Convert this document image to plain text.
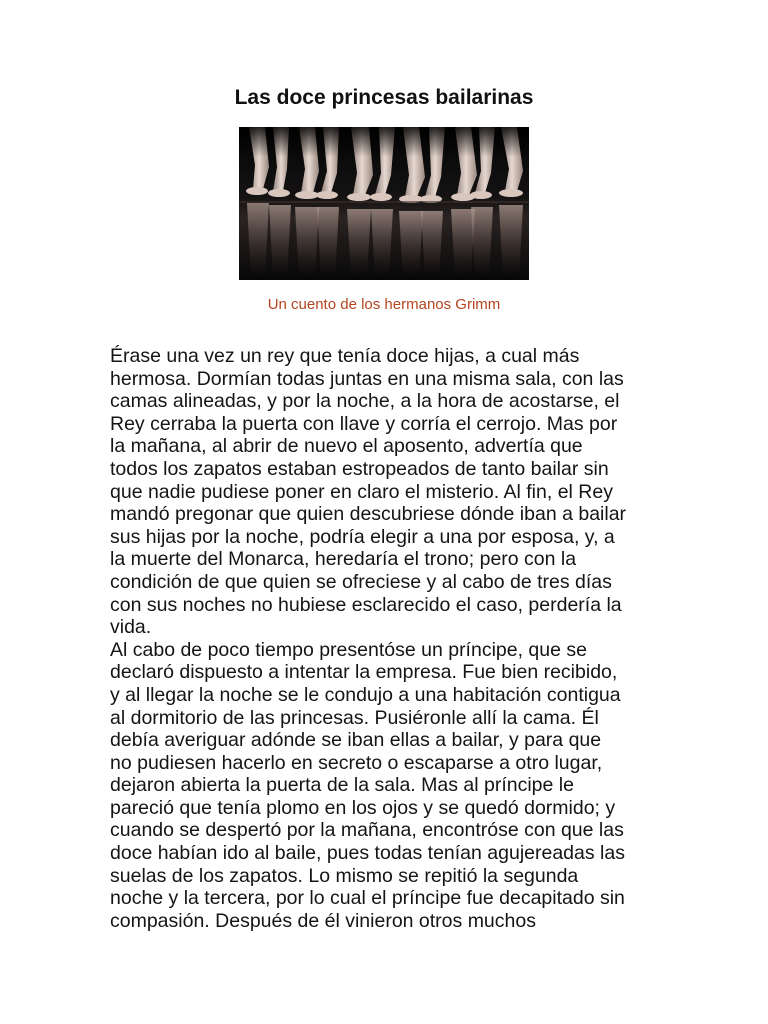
Las doce princesas bailarinas
Un cuento de los hermanos Grimm

Érase una vez un rey que tenía doce hijas, a cual más
hermosa. Dormían todas juntas en una misma sala, con las
camas alineadas, y por la noche, a la hora de acostarse, el
Rey cerraba la puerta con llave y corría el cerrojo. Mas por
la mañana, al abrir de nuevo el aposento, advertía que
todos los zapatos estaban estropeados de tanto bailar sin
que nadie pudiese poner en claro el misterio. Al fin, el Rey
mandó pregonar que quien descubriese dónde iban a bailar
sus hijas por la noche, podría elegir a una por esposa, y, a
la muerte del Monarca, heredaría el trono; pero con la
condición de que quien se ofreciese y al cabo de tres días
con sus noches no hubiese esclarecido el caso, perdería la
vida.

Al cabo de poco tiempo presentóse un príncipe, que se
declaró dispuesto a intentar la empresa. Fue bien recibido,
y al llegar la noche se le condujo a una habitación contigua
al dormitorio de las princesas. Pusiéronle allí la cama. Él
debía averiguar adónde se iban ellas a bailar, y para que
no pudiesen hacerlo en secreto o escaparse a otro lugar,
dejaron abierta la puerta de la sala. Mas al príncipe le
pareció que tenía plomo en los ojos y se quedó dormido; y
cuando se despertó por la mañana, encontróse con que las
doce habían ido al baile, pues todas tenían agujereadas las
suelas de los zapatos. Lo mismo se repitió la segunda
noche y la tercera, por lo cual el príncipe fue decapitado sin
compasión. Después de él vinieron otros muchos
